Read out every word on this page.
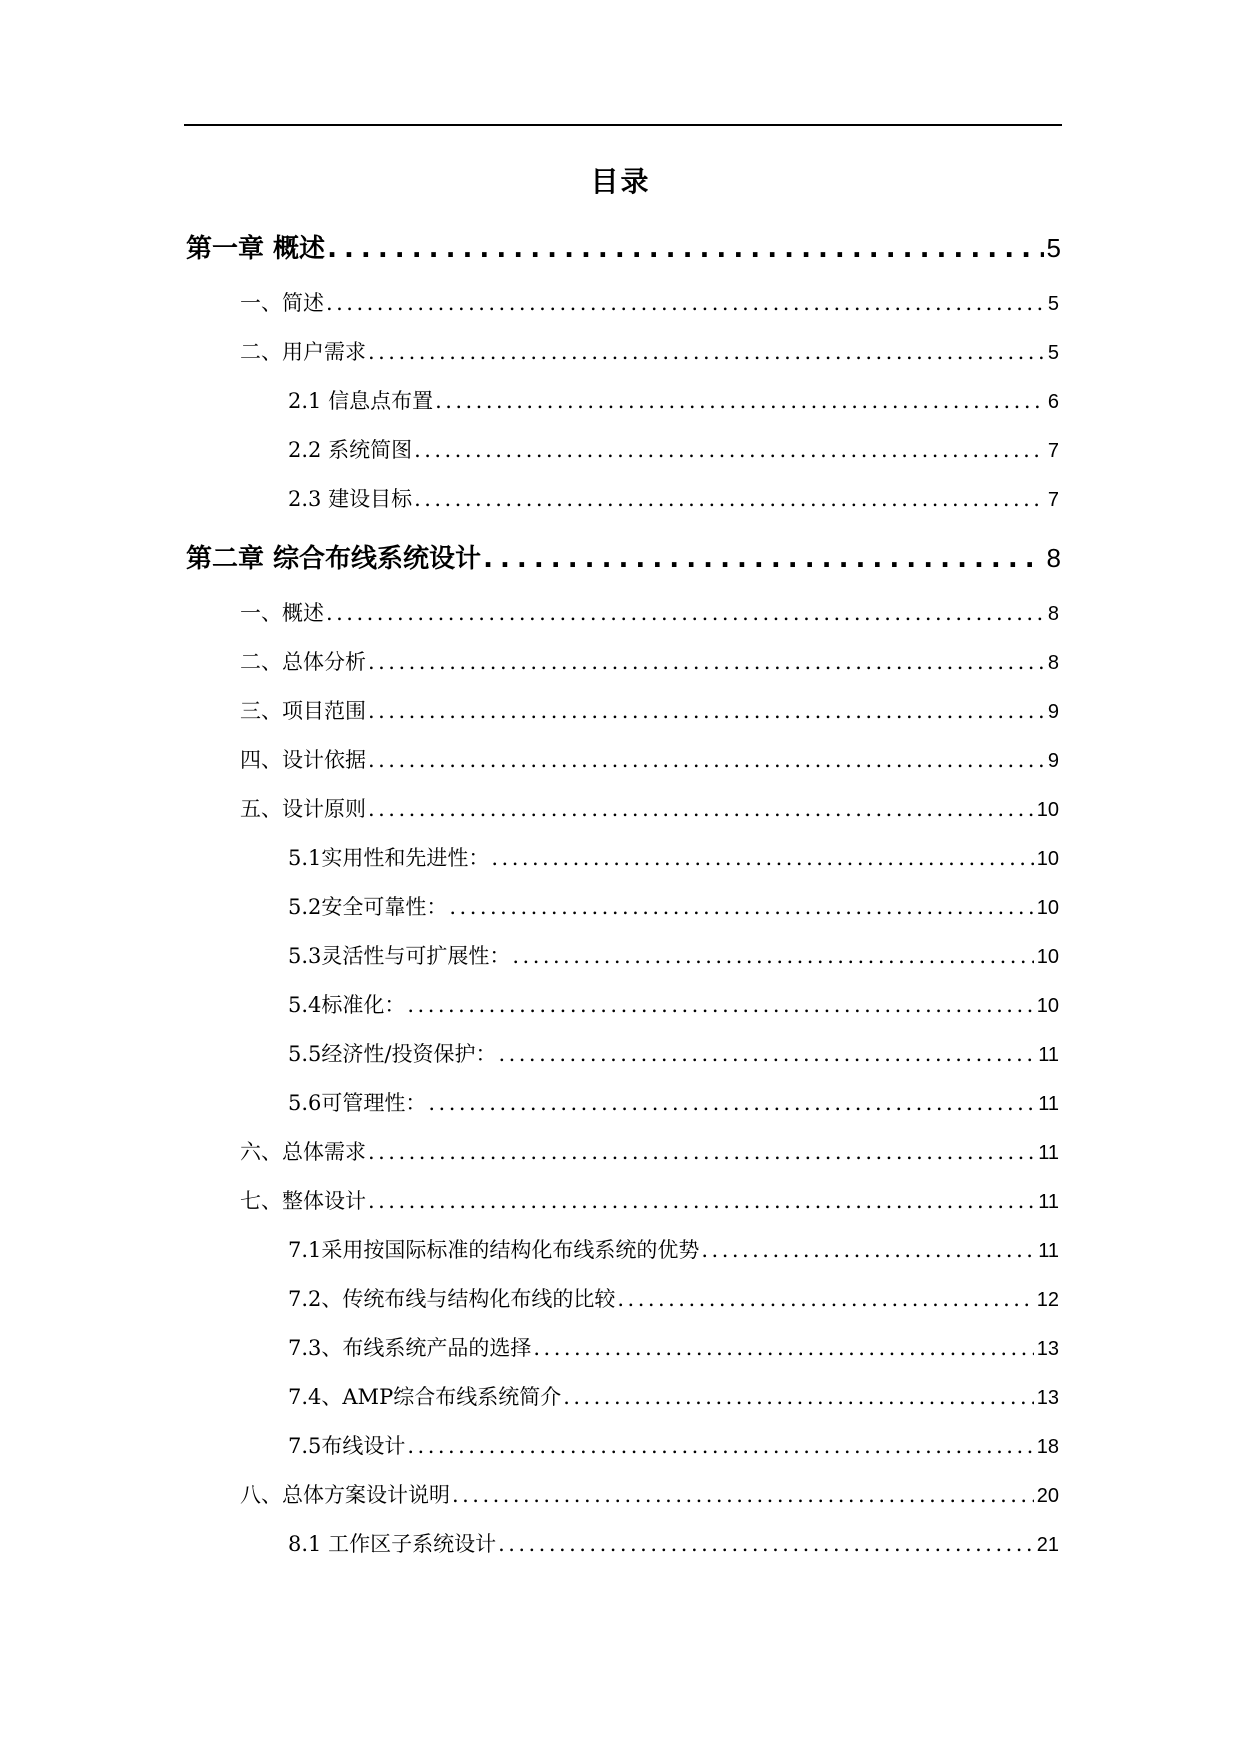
目录
第一章 概述 . . .	5
一、简述 . . .	5
二、用户需求 . . .	5
2.1 信息点布置 . . .	6
2.2 系统简图 . . .	7
2.3 建设目标 . . .	7
第二章 综合布线系统设计 . . .	8
一、概述 . . .	8
二、总体分析 . . .	8
三、项目范围 . . .	9
四、设计依据 . . .	9
五、设计原则 . . .	10
5.1实用性和先进性： . . .	10
5.2安全可靠性： . . .	10
5.3灵活性与可扩展性： . . .	10
5.4标准化： . . .	10
5.5经济性/投资保护： . . .	11
5.6可管理性： . . .	11
六、总体需求 . . .	11
七、整体设计 . . .	11
7.1采用按国际标准的结构化布线系统的优势 . . .	11
7.2、传统布线与结构化布线的比较 . . .	12
7.3、布线系统产品的选择 . . .	13
7.4、AMP综合布线系统简介 . . .	13
7.5布线设计 . . .	18
八、总体方案设计说明 . . .	20
8.1 工作区子系统设计 . . .	21
